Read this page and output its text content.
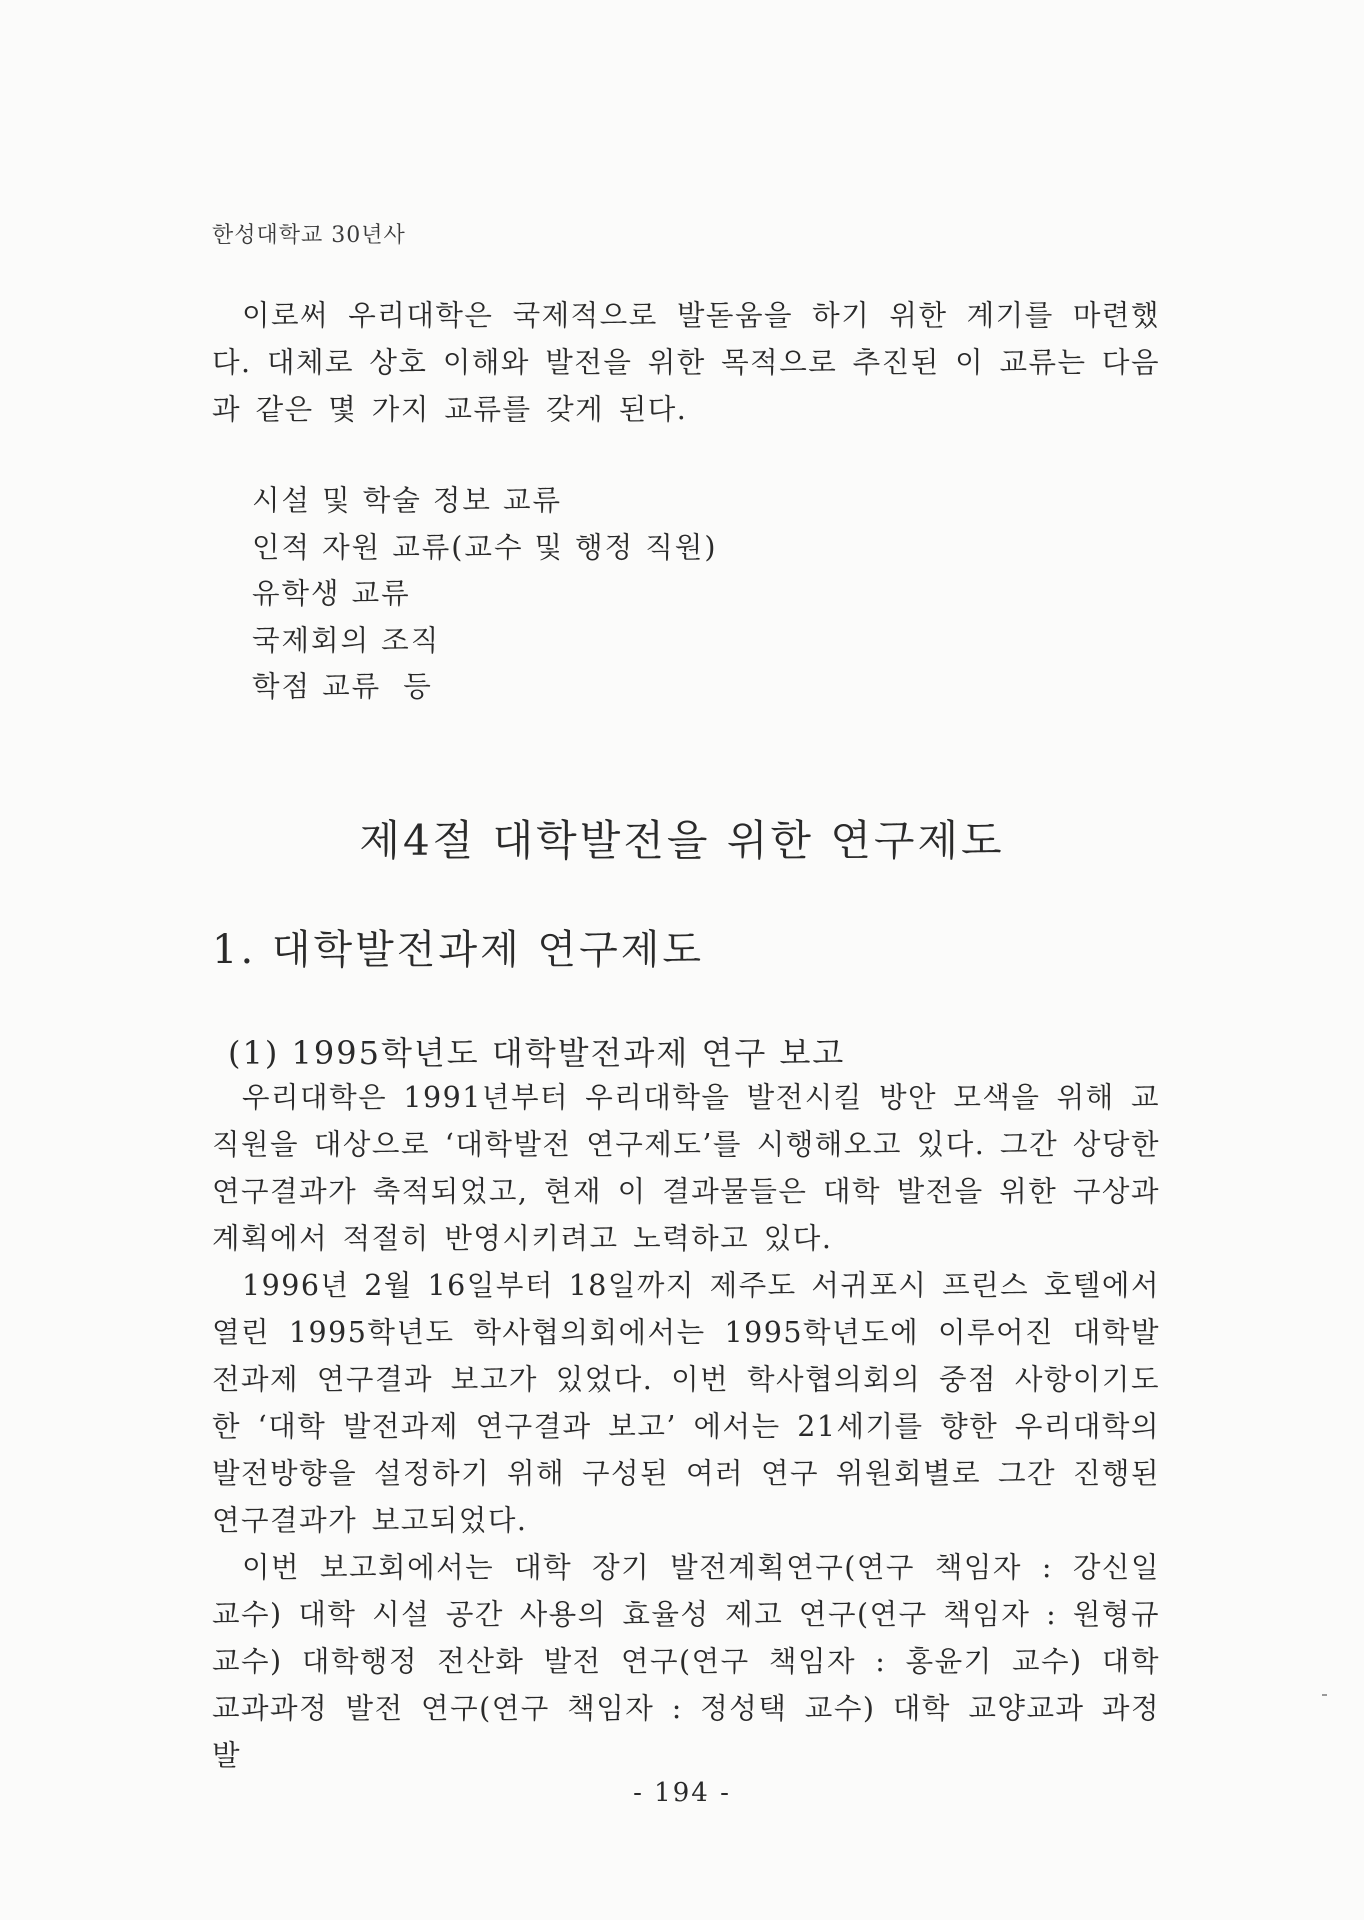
한성대학교 30년사

이로써 우리대학은 국제적으로 발돋움을 하기 위한 계기를 마련했다. 대체로 상호 이해와 발전을 위한 목적으로 추진된 이 교류는 다음과 같은 몇 가지 교류를 갖게 된다.

시설 및 학술 정보 교류
인적 자원 교류(교수 및 행정 직원)
유학생 교류
국제회의 조직
학점 교류  등
제4절 대학발전을 위한 연구제도
1. 대학발전과제 연구제도
(1) 1995학년도 대학발전과제 연구 보고

우리대학은 1991년부터 우리대학을 발전시킬 방안 모색을 위해 교직원을 대상으로 ‘대학발전 연구제도’를 시행해오고 있다. 그간 상당한 연구결과가 축적되었고, 현재 이 결과물들은 대학 발전을 위한 구상과 계획에서 적절히 반영시키려고 노력하고 있다.

1996년 2월 16일부터 18일까지 제주도 서귀포시 프린스 호텔에서 열린 1995학년도 학사협의회에서는 1995학년도에 이루어진 대학발전과제 연구결과 보고가 있었다. 이번 학사협의회의 중점 사항이기도 한 ‘대학 발전과제 연구결과 보고’ 에서는 21세기를 향한 우리대학의 발전방향을 설정하기 위해 구성된 여러 연구 위원회별로 그간 진행된 연구결과가 보고되었다.

이번 보고회에서는 대학 장기 발전계획연구(연구 책임자 : 강신일 교수) 대학 시설 공간 사용의 효율성 제고 연구(연구 책임자 : 원형규 교수) 대학행정 전산화 발전 연구(연구 책임자 : 홍윤기 교수) 대학 교과과정 발전 연구(연구 책임자 : 정성택 교수) 대학 교양교과 과정 발

- 194 -
